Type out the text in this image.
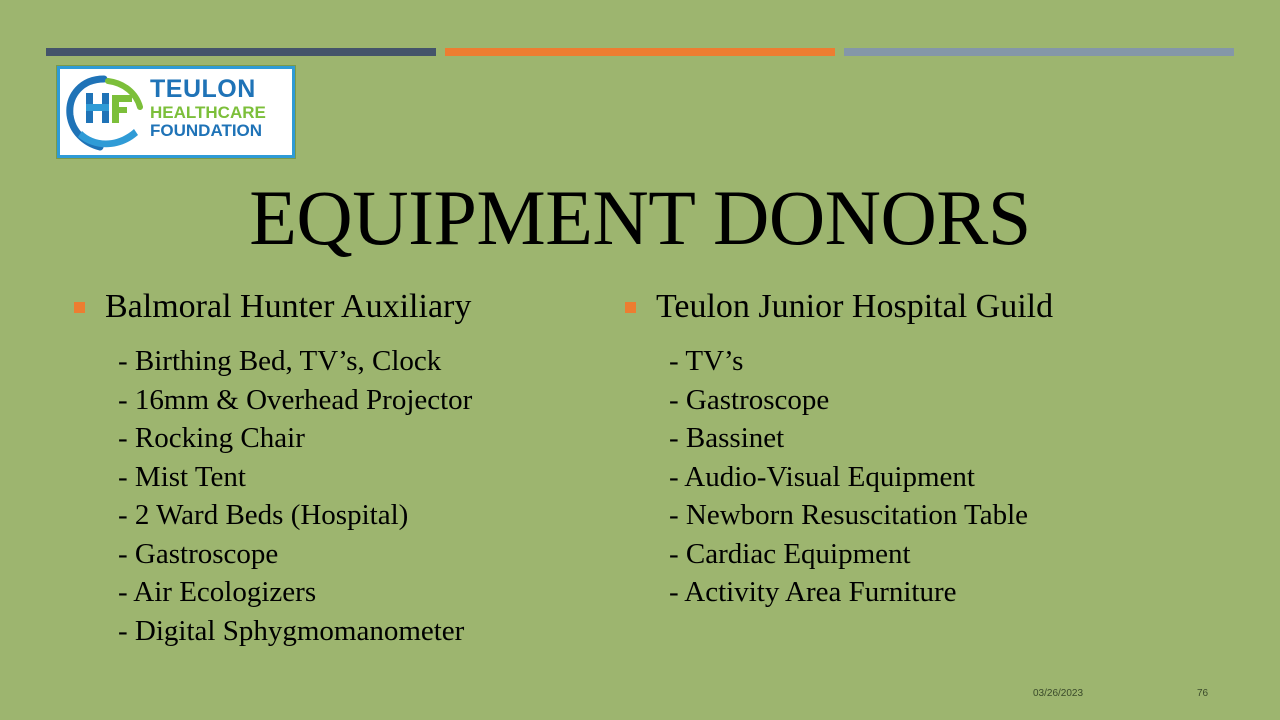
TEULON
HEALTHCARE
FOUNDATION
EQUIPMENT DONORS
Balmoral Hunter Auxiliary
- Birthing Bed, TV’s, Clock
- 16mm & Overhead Projector
- Rocking Chair
- Mist Tent
- 2 Ward Beds (Hospital)
- Gastroscope
- Air Ecologizers
- Digital Sphygmomanometer
Teulon Junior Hospital Guild
- TV’s
- Gastroscope
- Bassinet
- Audio-Visual Equipment
- Newborn Resuscitation Table
- Cardiac Equipment
- Activity Area Furniture
03/26/2023	76
